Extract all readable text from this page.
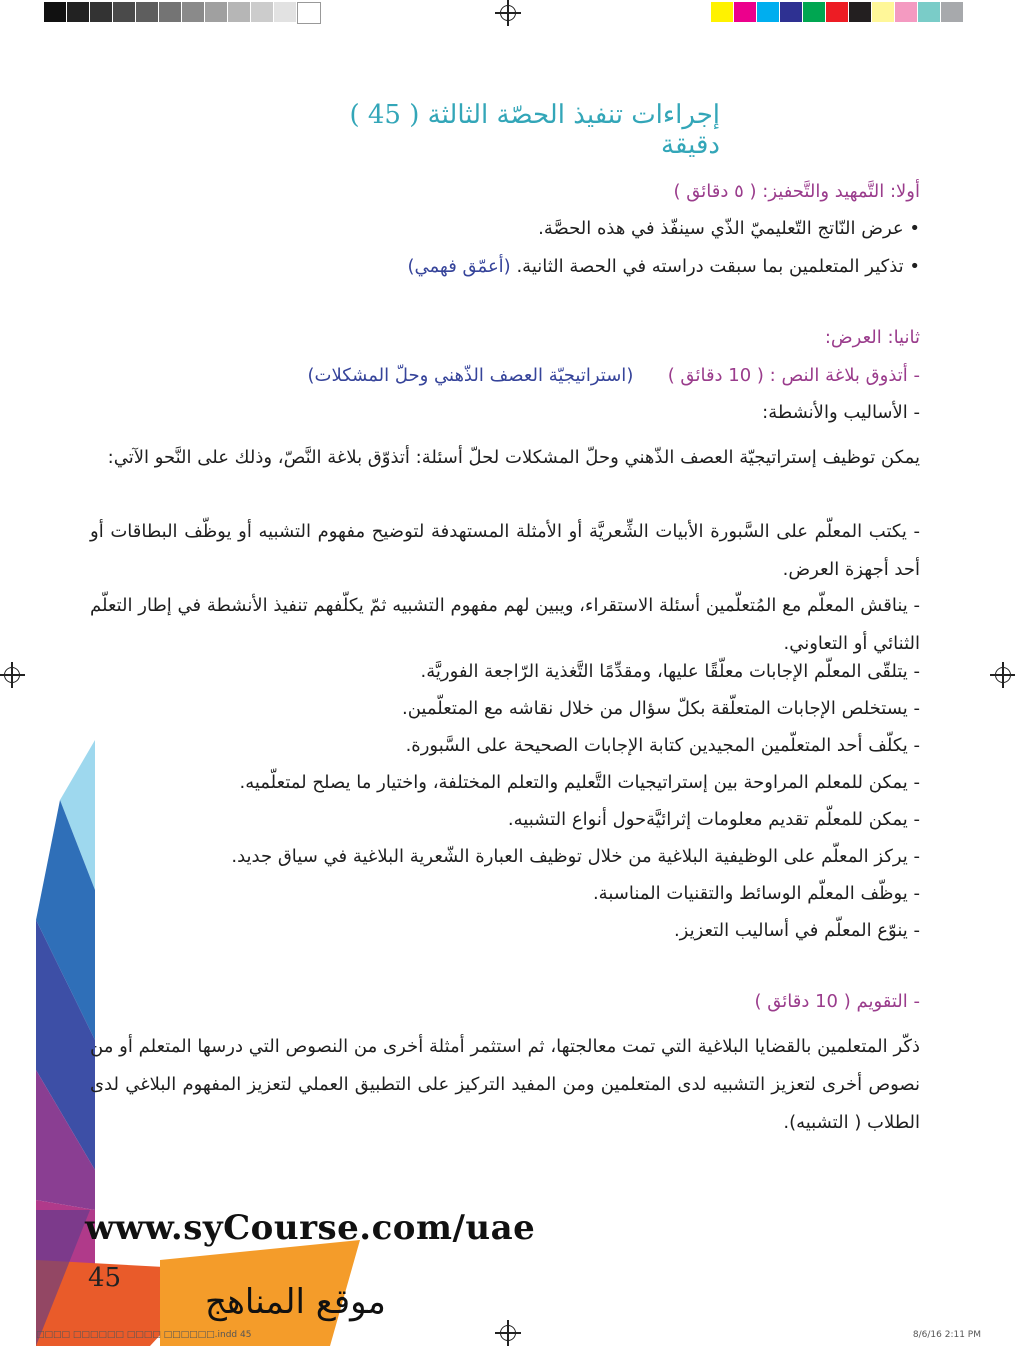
إجراءات تنفيذ الحصّة الثالثة ( 45 ) دقيقة
أولا: التَّمهيد والتَّحفيز: ( ٥ دقائق )
• عرض النّاتج التّعليميّ الذّي سينفّذ في هذه الحصَّة.
• تذكير المتعلمين بما سبقت دراسته في الحصة الثانية. (أعمّق فهمي)
ثانيا: العرض:
- أتذوق بلاغة النص : ( 10 دقائق )      (استراتيجيّة العصف الذّهني وحلّ المشكلات)
- الأساليب والأنشطة:
يمكن توظيف إستراتيجيّة العصف الذّهني وحلّ المشكلات لحلّ أسئلة: أتذوّق بلاغة النَّصّ، وذلك على النَّحو الآتي:
- يكتب المعلّم على السَّبورة الأبيات الشِّعريَّة أو الأمثلة المستهدفة لتوضيح مفهوم التشبيه أو يوظّف البطاقات أو أحد أجهزة العرض.
- يناقش المعلّم مع المُتعلّمين أسئلة الاستقراء، ويبين لهم مفهوم التشبيه ثمّ يكلّفهم تنفيذ الأنشطة في إطار التعلّم الثنائي أو التعاوني.
- يتلقّى المعلّم الإجابات معلّقًا عليها، ومقدِّمًا التَّغذية الرّاجعة الفوريَّة.
- يستخلص الإجابات المتعلّقة بكلّ سؤال من خلال نقاشه مع المتعلّمين.
- يكلّف أحد المتعلّمين المجيدين كتابة الإجابات الصحيحة على السَّبورة.
- يمكن للمعلم المراوحة بين إستراتيجيات التَّعليم والتعلم المختلفة، واختيار ما يصلح لمتعلّميه.
- يمكن للمعلّم تقديم معلومات إثرائيَّةحول أنواع التشبيه.
- يركز المعلّم على الوظيفية البلاغية من خلال توظيف العبارة الشّعرية البلاغية في سياق جديد.
- يوظّف المعلّم الوسائط والتقنيات المناسبة.
- ينوّع المعلّم في أساليب التعزيز.
- التقويم ( 10 دقائق )
ذكّر المتعلمين بالقضايا البلاغية التي تمت معالجتها، ثم استثمر أمثلة أخرى من النصوص التي درسها المتعلم أو من نصوص أخرى لتعزيز التشبيه لدى المتعلمين ومن المفيد التركيز على التطبيق العملي لتعزيز المفهوم البلاغي لدى الطلاب ( التشبيه).
www.syCourse.com/uae
45
موقع المناهج
□□□□ □□□□□□ □□□□ □□□□□□.indd 45	8/6/16 2:11 PM
